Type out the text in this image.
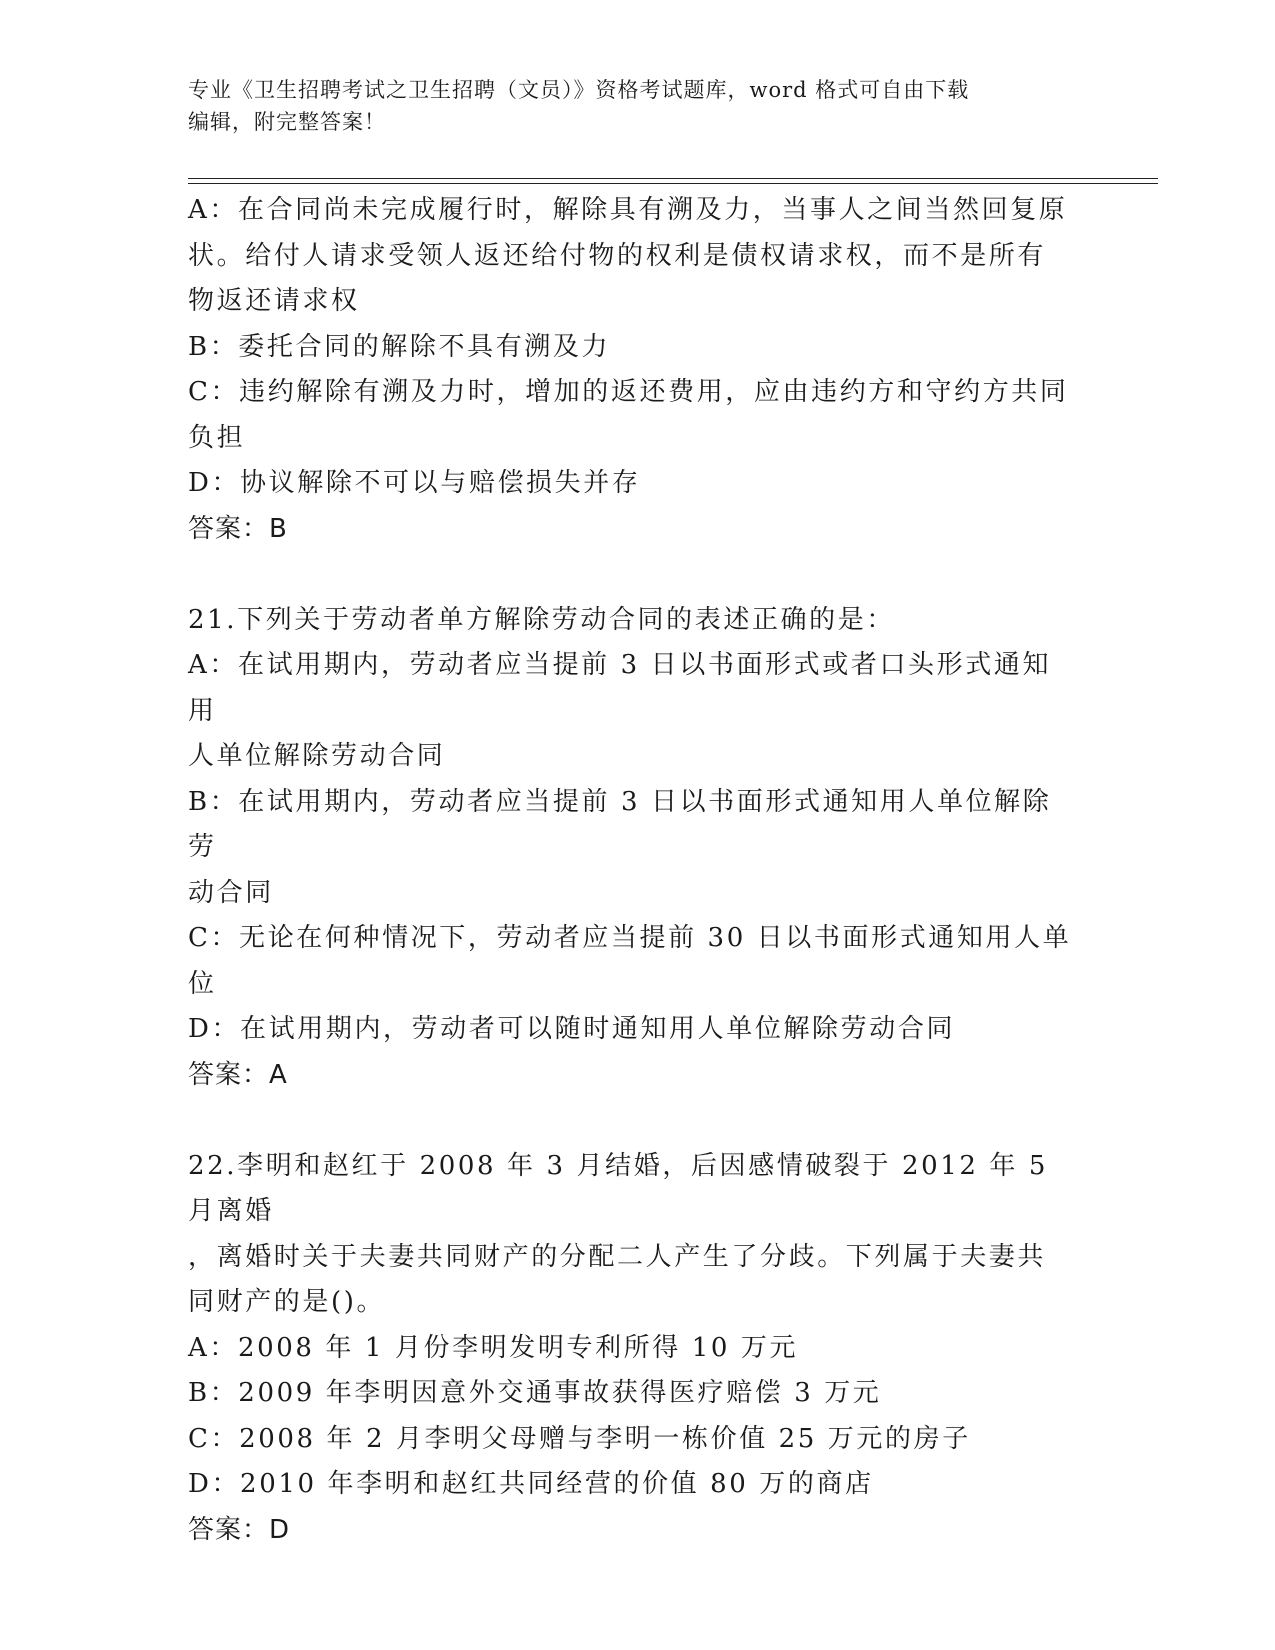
专业《卫生招聘考试之卫生招聘（文员）》资格考试题库，word 格式可自由下载
编辑，附完整答案！
A：在合同尚未完成履行时，解除具有溯及力，当事人之间当然回复原
状。给付人请求受领人返还给付物的权利是债权请求权，而不是所有
物返还请求权
B：委托合同的解除不具有溯及力
C：违约解除有溯及力时，增加的返还费用，应由违约方和守约方共同
负担
D：协议解除不可以与赔偿损失并存
答案：B
21.下列关于劳动者单方解除劳动合同的表述正确的是：
A：在试用期内，劳动者应当提前 3 日以书面形式或者口头形式通知用
人单位解除劳动合同
B：在试用期内，劳动者应当提前 3 日以书面形式通知用人单位解除劳
动合同
C：无论在何种情况下，劳动者应当提前 30 日以书面形式通知用人单
位
D：在试用期内，劳动者可以随时通知用人单位解除劳动合同
答案：A
22.李明和赵红于 2008 年 3 月结婚，后因感情破裂于 2012 年 5 月离婚
，离婚时关于夫妻共同财产的分配二人产生了分歧。下列属于夫妻共
同财产的是()。
A：2008 年 1 月份李明发明专利所得 10 万元
B：2009 年李明因意外交通事故获得医疗赔偿 3 万元
C：2008 年 2 月李明父母赠与李明一栋价值 25 万元的房子
D：2010 年李明和赵红共同经营的价值 80 万的商店
答案：D
